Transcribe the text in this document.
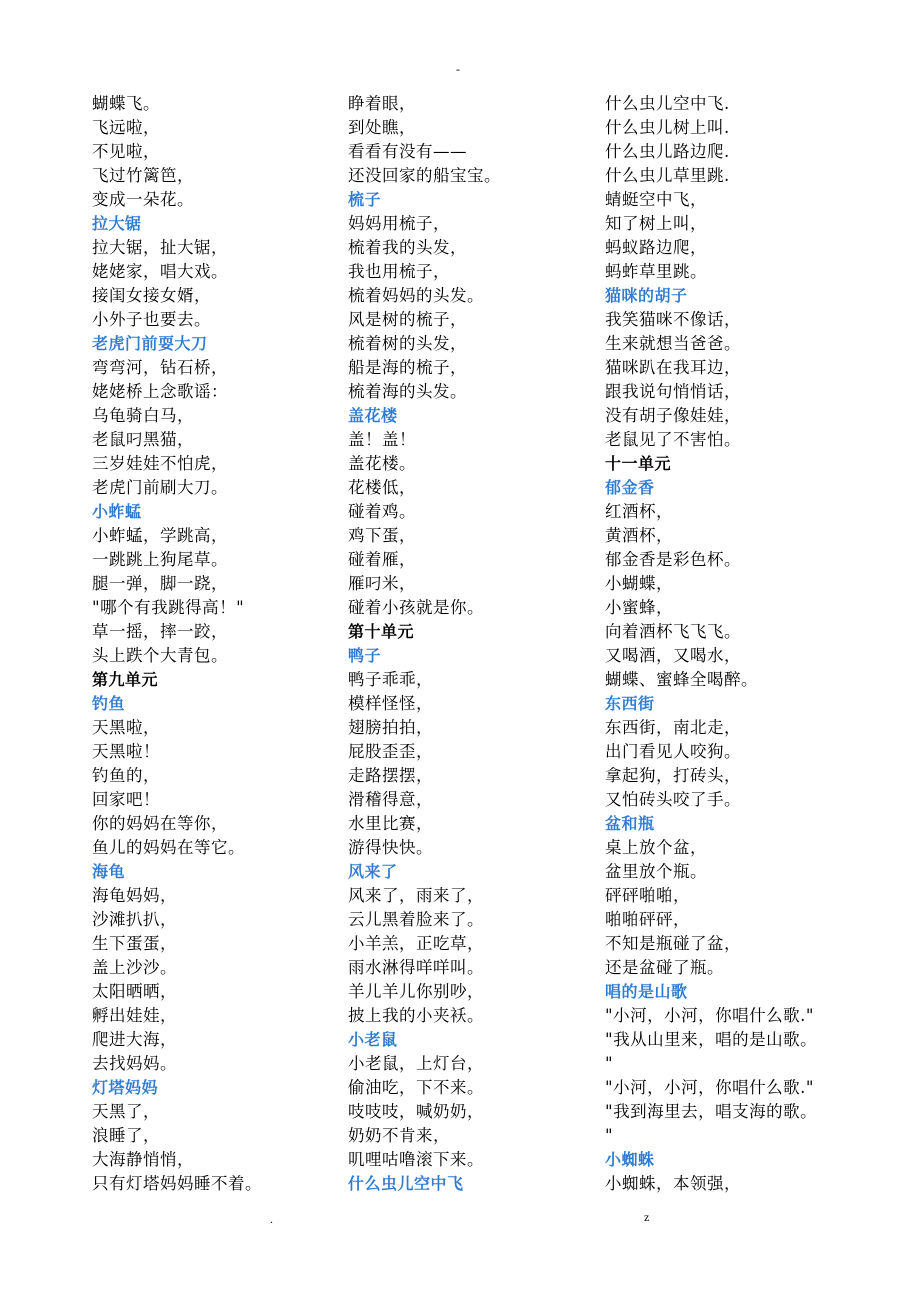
-
蝴蝶飞。
飞远啦，
不见啦，
飞过竹篱笆，
变成一朵花。
拉大锯
拉大锯，扯大锯，
姥姥家，唱大戏。
接闺女接女婿，
小外子也要去。
老虎门前耍大刀
弯弯河，钻石桥，
姥姥桥上念歌谣：
乌龟骑白马，
老鼠叼黑猫，
三岁娃娃不怕虎，
老虎门前刷大刀。
小蚱蜢
小蚱蜢，学跳高，
一跳跳上狗尾草。
腿一弹，脚一跷，
"哪个有我跳得高！"
草一摇，摔一跤，
头上跌个大青包。
第九单元
钓鱼
天黑啦，
天黑啦！
钓鱼的，
回家吧！
你的妈妈在等你，
鱼儿的妈妈在等它。
海龟
海龟妈妈，
沙滩扒扒，
生下蛋蛋，
盖上沙沙。
太阳晒晒，
孵出娃娃，
爬进大海，
去找妈妈。
灯塔妈妈
天黑了，
浪睡了，
大海静悄悄，
只有灯塔妈妈睡不着。
睁着眼，
到处瞧，
看看有没有——
还没回家的船宝宝。
梳子
妈妈用梳子，
梳着我的头发，
我也用梳子，
梳着妈妈的头发。
风是树的梳子，
梳着树的头发，
船是海的梳子，
梳着海的头发。
盖花楼
盖！盖！
盖花楼。
花楼低，
碰着鸡。
鸡下蛋，
碰着雁，
雁叼米，
碰着小孩就是你。
第十单元
鸭子
鸭子乖乖，
模样怪怪，
翅膀拍拍，
屁股歪歪，
走路摆摆，
滑稽得意，
水里比赛，
游得快快。
风来了
风来了，雨来了，
云儿黑着脸来了。
小羊羔，正吃草，
雨水淋得咩咩叫。
羊儿羊儿你别吵，
披上我的小夹袄。
小老鼠
小老鼠，上灯台，
偷油吃，下不来。
吱吱吱，喊奶奶，
奶奶不肯来，
叽哩咕噜滚下来。
什么虫儿空中飞
什么虫儿空中飞.
什么虫儿树上叫.
什么虫儿路边爬.
什么虫儿草里跳.
蜻蜓空中飞，
知了树上叫，
蚂蚁路边爬，
蚂蚱草里跳。
猫咪的胡子
我笑猫咪不像话，
生来就想当爸爸。
猫咪趴在我耳边，
跟我说句悄悄话，
没有胡子像娃娃，
老鼠见了不害怕。
十一单元
郁金香
红酒杯，
黄酒杯，
郁金香是彩色杯。
小蝴蝶，
小蜜蜂，
向着酒杯飞飞飞。
又喝酒，又喝水，
蝴蝶、蜜蜂全喝醉。
东西街
东西街，南北走，
出门看见人咬狗。
拿起狗，打砖头，
又怕砖头咬了手。
盆和瓶
桌上放个盆，
盆里放个瓶。
砰砰啪啪，
啪啪砰砰，
不知是瓶碰了盆，
还是盆碰了瓶。
唱的是山歌
"小河，小河，你唱什么歌."
"我从山里来，唱的是山歌。
"
"小河，小河，你唱什么歌."
"我到海里去，唱支海的歌。
"
小蜘蛛
小蜘蛛，本领强，
.	z
